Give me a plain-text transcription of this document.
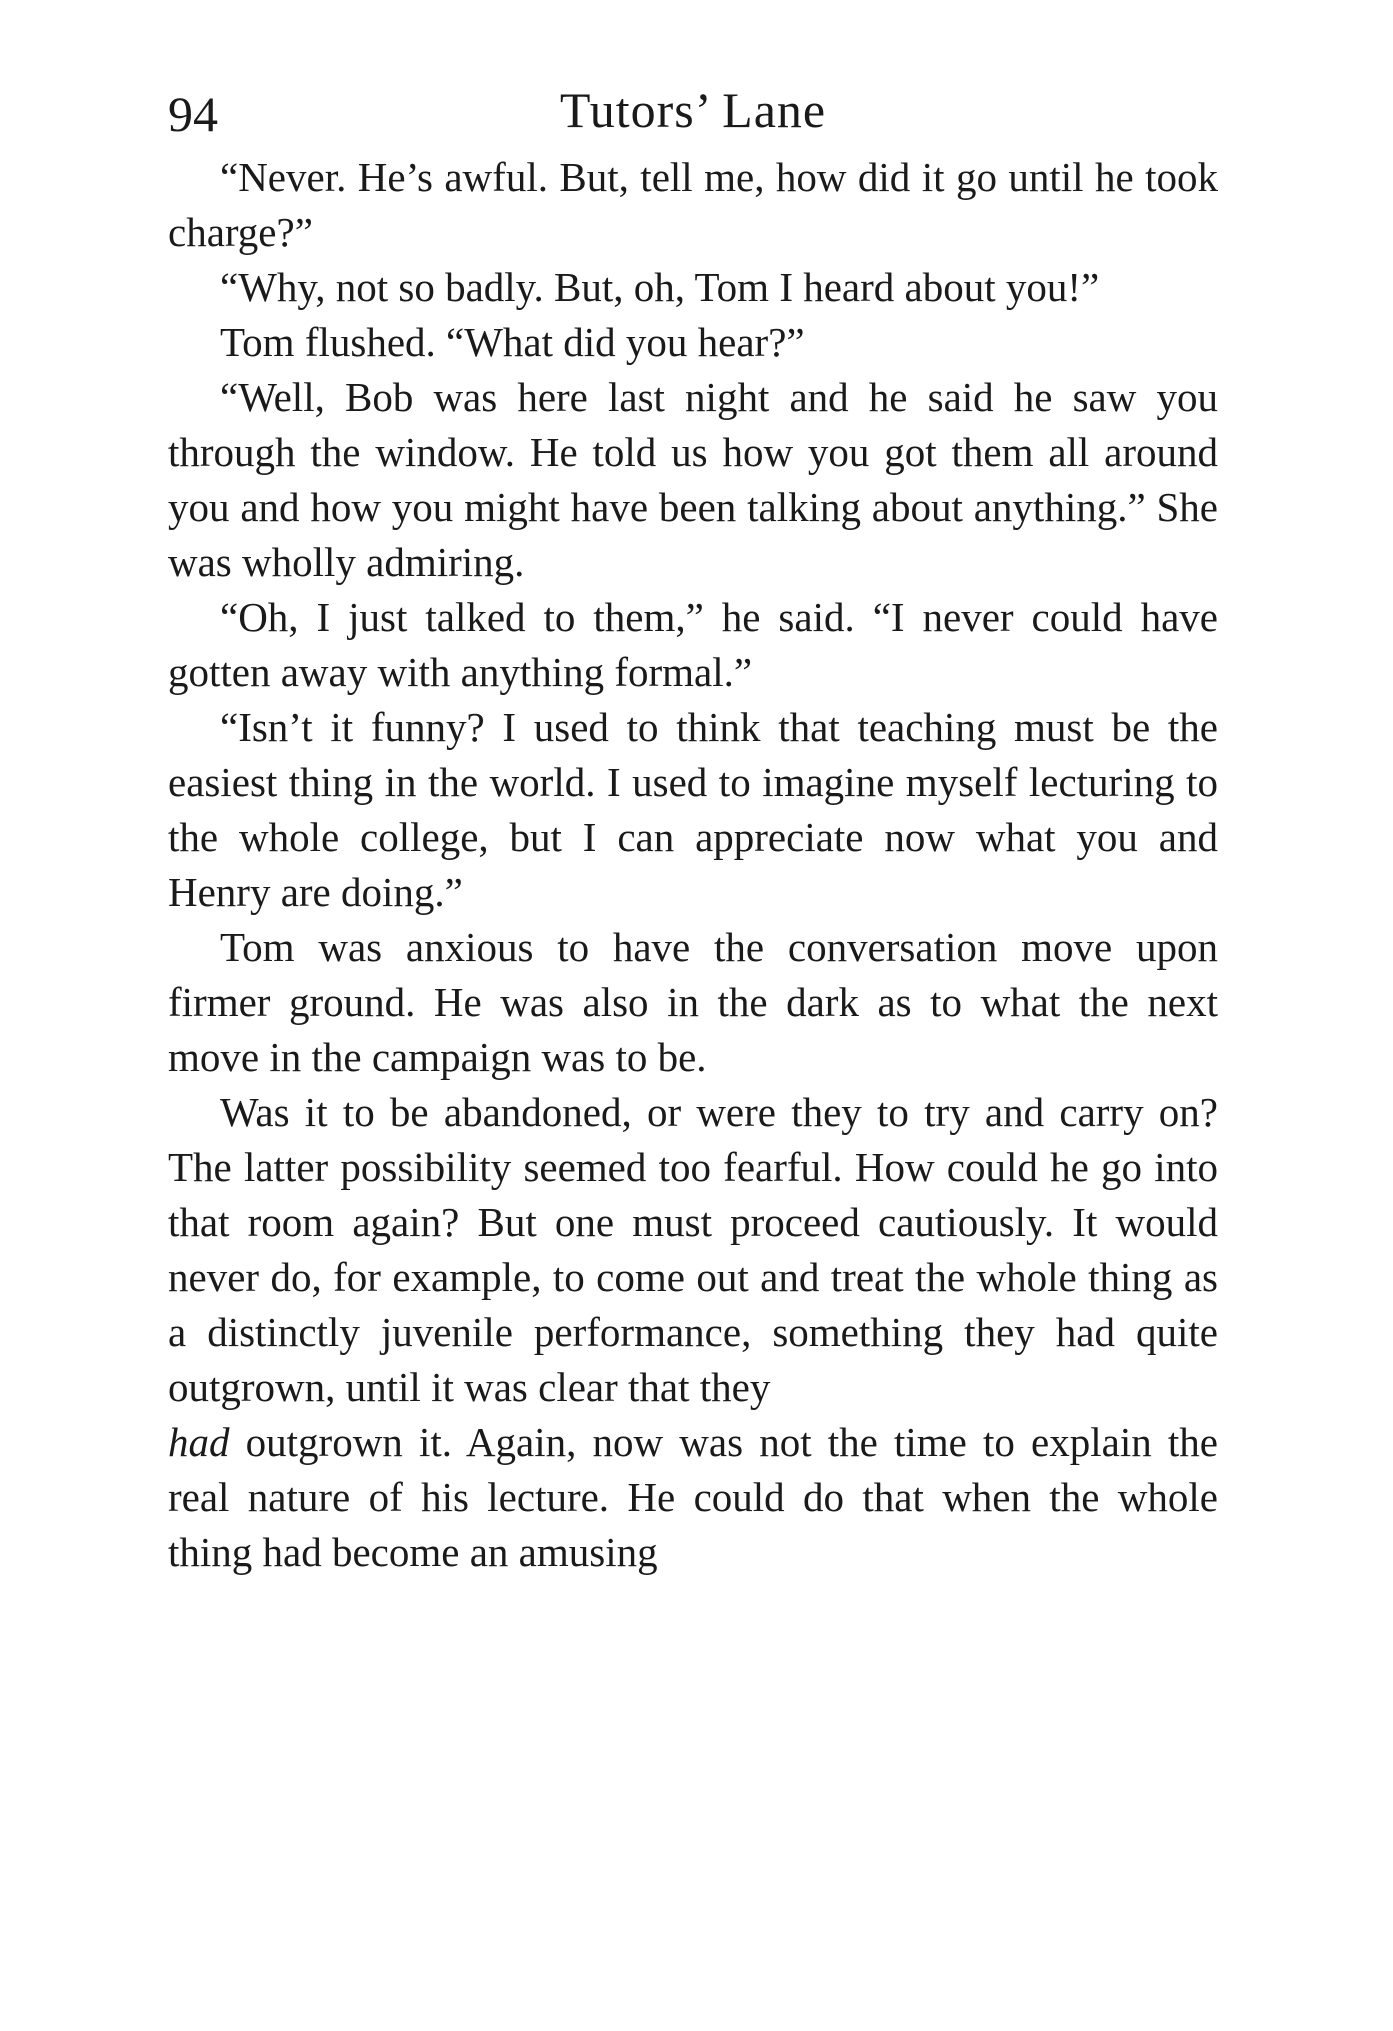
94	Tutors’ Lane

“Never. He’s awful. But, tell me, how did it go until he took charge?”

“Why, not so badly. But, oh, Tom I heard about you!”

Tom flushed. “What did you hear?”

“Well, Bob was here last night and he said he saw you through the window. He told us how you got them all around you and how you might have been talking about anything.” She was wholly admiring.

“Oh, I just talked to them,” he said. “I never could have gotten away with anything formal.”

“Isn’t it funny? I used to think that teaching must be the easiest thing in the world. I used to imagine myself lecturing to the whole college, but I can appreciate now what you and Henry are doing.”

Tom was anxious to have the conversation move upon firmer ground. He was also in the dark as to what the next move in the campaign was to be.

Was it to be abandoned, or were they to try and carry on? The latter possibility seemed too fearful. How could he go into that room again? But one must proceed cautiously. It would never do, for example, to come out and treat the whole thing as a distinctly juvenile performance, something they had quite outgrown, until it was clear that they

had outgrown it. Again, now was not the time to explain the real nature of his lecture. He could do that when the whole thing had become an amusing
